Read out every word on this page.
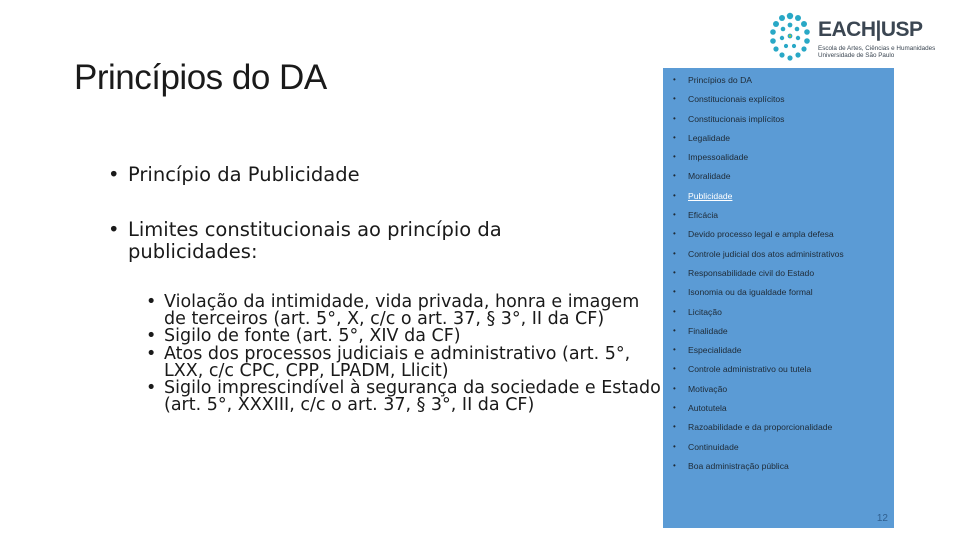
EACH|USP
Escola de Artes, Ciências e Humanidades
Universidade de São Paulo
Princípios do DA
• Princípio da Publicidade
• Limites constitucionais ao princípio da publicidades:
• Violação da intimidade, vida privada, honra e imagem de terceiros (art. 5°, X, c/c o art. 37, § 3°, II da CF)
• Sigilo de fonte (art. 5°, XIV da CF)
• Atos dos processos judiciais e administrativo (art. 5°, LXX, c/c CPC, CPP, LPADM, Llicit)
• Sigilo imprescindível à segurança da sociedade e Estado (art. 5°, XXXIII, c/c o art. 37, § 3°, II da CF)
• Princípios do DA
• Constitucionais explícitos
• Constitucionais implícitos
• Legalidade
• Impessoalidade
• Moralidade
• Publicidade
• Eficácia
• Devido processo legal e ampla defesa
• Controle judicial dos atos administrativos
• Responsabilidade civil do Estado
• Isonomia ou da igualdade formal
• Licitação
• Finalidade
• Especialidade
• Controle administrativo ou tutela
• Motivação
• Autotutela
• Razoabilidade e da proporcionalidade
• Continuidade
• Boa administração pública
12
